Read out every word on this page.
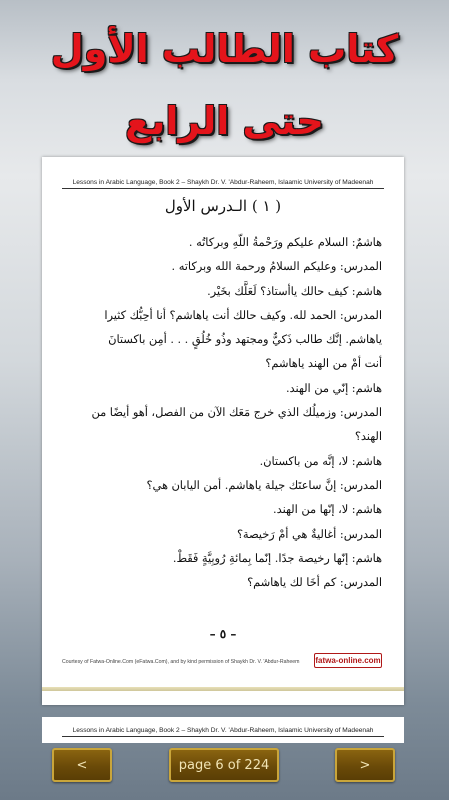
كتاب الطالب الأول
حتى الرابع
Lessons in Arabic Language, Book 2 – Shaykh Dr. V. 'Abdur-Raheem, Islaamic University of Madeenah
( ١ ) الـدرس الأول
هاشمٌ: السلام عليكم ورَحْمةُ اللّهِ وبركاتُه .
المدرس: وعليكم السلامُ ورحمة الله وبركاته .
هاشم: كيف حالك ياأستاذ؟ لَعَلَّك بخَيْر.
المدرس: الحمد لله. وكيف حالك أنت ياهاشم؟ أنا أحِبُّك كثيرا
ياهاشم. إنَّك طالب ذَكيٌّ ومجتهد وذُو خُلُقٍ . . . أمِن باكستانَ
أنت أمْ من الهند ياهاشم؟
هاشم: إنّي من الهند.
المدرس: وزميلُك الذي خرج مَعَك الآن من الفصل، أهو أيضًا من
الهند؟
هاشم: لا، إنَّه من باكستان.
المدرس: إنَّ ساعتَك جيلة ياهاشم. أمن اليابان هي؟
هاشم: لا، إنّها من الهند.
المدرس: أغاليةٌ هي أمْ رَخيصة؟
هاشم: إنّها رخيصة جدًا. إنّما بِمائةِ رُوبِيَّةٍ فَقَطْ.
المدرس: كم أخَا لك ياهاشم؟
– ٥ –
Courtesy of Fatwa-Online.Com (eFatwa.Com), and by kind permission of Shaykh Dr. V. 'Abdur-Raheem fatwa-online.com
Lessons in Arabic Language, Book 2 – Shaykh Dr. V. 'Abdur-Raheem, Islaamic University of Madeenah
<	page 6 of 224	>
